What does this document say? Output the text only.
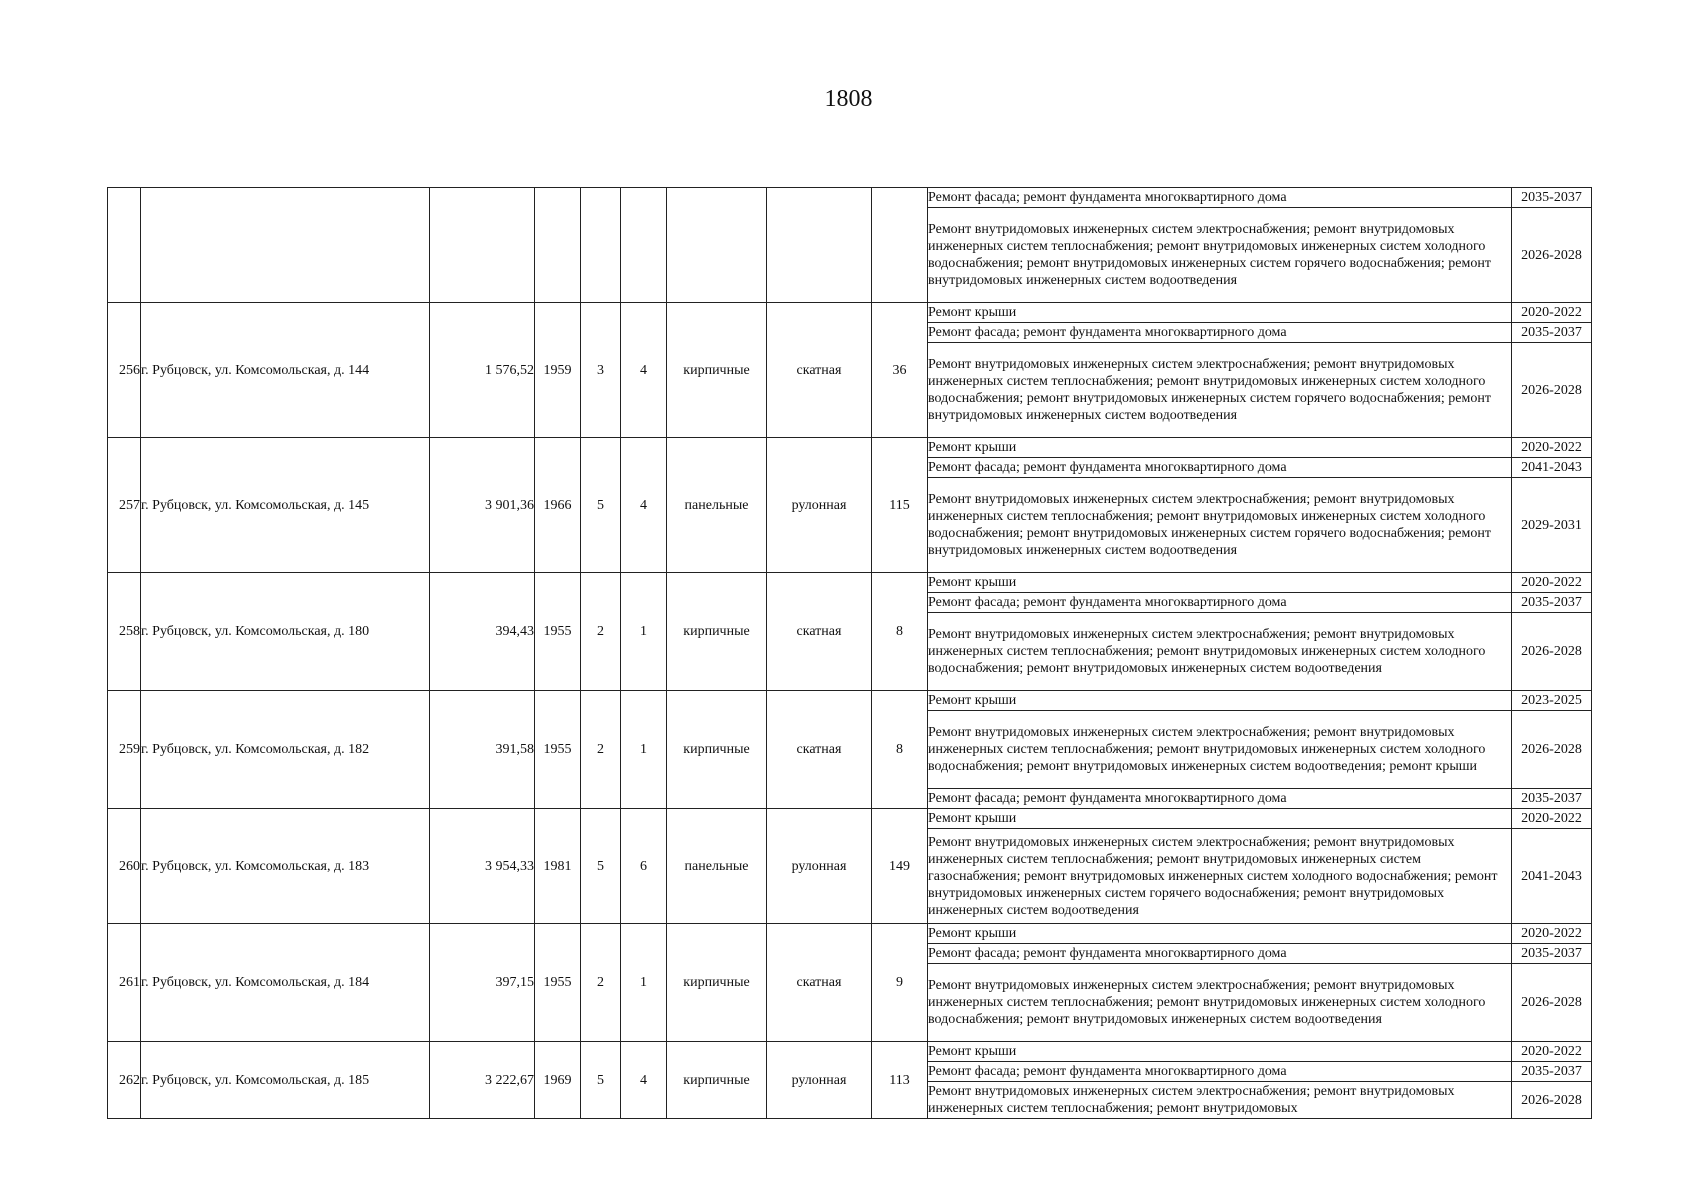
1808
									Ремонт фасада; ремонт фундамента многоквартирного дома	2035-2037
									Ремонт внутридомовых инженерных систем электроснабжения; ремонт внутридомовых инженерных систем теплоснабжения; ремонт внутридомовых инженерных систем холодного водоснабжения; ремонт внутридомовых инженерных систем горячего водоснабжения; ремонт внутридомовых инженерных систем водоотведения	2026-2028
256	г. Рубцовск, ул. Комсомольская, д. 144	1 576,52	1959	3	4	кирпичные	скатная	36	Ремонт крыши	2020-2022
									Ремонт фасада; ремонт фундамента многоквартирного дома	2035-2037
									Ремонт внутридомовых инженерных систем электроснабжения; ремонт внутридомовых инженерных систем теплоснабжения; ремонт внутридомовых инженерных систем холодного водоснабжения; ремонт внутридомовых инженерных систем горячего водоснабжения; ремонт внутридомовых инженерных систем водоотведения	2026-2028
257	г. Рубцовск, ул. Комсомольская, д. 145	3 901,36	1966	5	4	панельные	рулонная	115	Ремонт крыши	2020-2022
									Ремонт фасада; ремонт фундамента многоквартирного дома	2041-2043
									Ремонт внутридомовых инженерных систем электроснабжения; ремонт внутридомовых инженерных систем теплоснабжения; ремонт внутридомовых инженерных систем холодного водоснабжения; ремонт внутридомовых инженерных систем горячего водоснабжения; ремонт внутридомовых инженерных систем водоотведения	2029-2031
258	г. Рубцовск, ул. Комсомольская, д. 180	394,43	1955	2	1	кирпичные	скатная	8	Ремонт крыши	2020-2022
									Ремонт фасада; ремонт фундамента многоквартирного дома	2035-2037
									Ремонт внутридомовых инженерных систем электроснабжения; ремонт внутридомовых инженерных систем теплоснабжения; ремонт внутридомовых инженерных систем холодного водоснабжения; ремонт внутридомовых инженерных систем водоотведения	2026-2028
259	г. Рубцовск, ул. Комсомольская, д. 182	391,58	1955	2	1	кирпичные	скатная	8	Ремонт крыши	2023-2025
									Ремонт внутридомовых инженерных систем электроснабжения; ремонт внутридомовых инженерных систем теплоснабжения; ремонт внутридомовых инженерных систем холодного водоснабжения; ремонт внутридомовых инженерных систем водоотведения; ремонт крыши	2026-2028
									Ремонт фасада; ремонт фундамента многоквартирного дома	2035-2037
260	г. Рубцовск, ул. Комсомольская, д. 183	3 954,33	1981	5	6	панельные	рулонная	149	Ремонт крыши	2020-2022
									Ремонт внутридомовых инженерных систем электроснабжения; ремонт внутридомовых инженерных систем теплоснабжения; ремонт внутридомовых инженерных систем газоснабжения; ремонт внутридомовых инженерных систем холодного водоснабжения; ремонт внутридомовых инженерных систем горячего водоснабжения; ремонт внутридомовых инженерных систем водоотведения	2041-2043
261	г. Рубцовск, ул. Комсомольская, д. 184	397,15	1955	2	1	кирпичные	скатная	9	Ремонт крыши	2020-2022
									Ремонт фасада; ремонт фундамента многоквартирного дома	2035-2037
									Ремонт внутридомовых инженерных систем электроснабжения; ремонт внутридомовых инженерных систем теплоснабжения; ремонт внутридомовых инженерных систем холодного водоснабжения; ремонт внутридомовых инженерных систем водоотведения	2026-2028
262	г. Рубцовск, ул. Комсомольская, д. 185	3 222,67	1969	5	4	кирпичные	рулонная	113	Ремонт крыши	2020-2022
									Ремонт фасада; ремонт фундамента многоквартирного дома	2035-2037
									Ремонт внутридомовых инженерных систем электроснабжения; ремонт внутридомовых инженерных систем теплоснабжения; ремонт внутридомовых	2026-2028
